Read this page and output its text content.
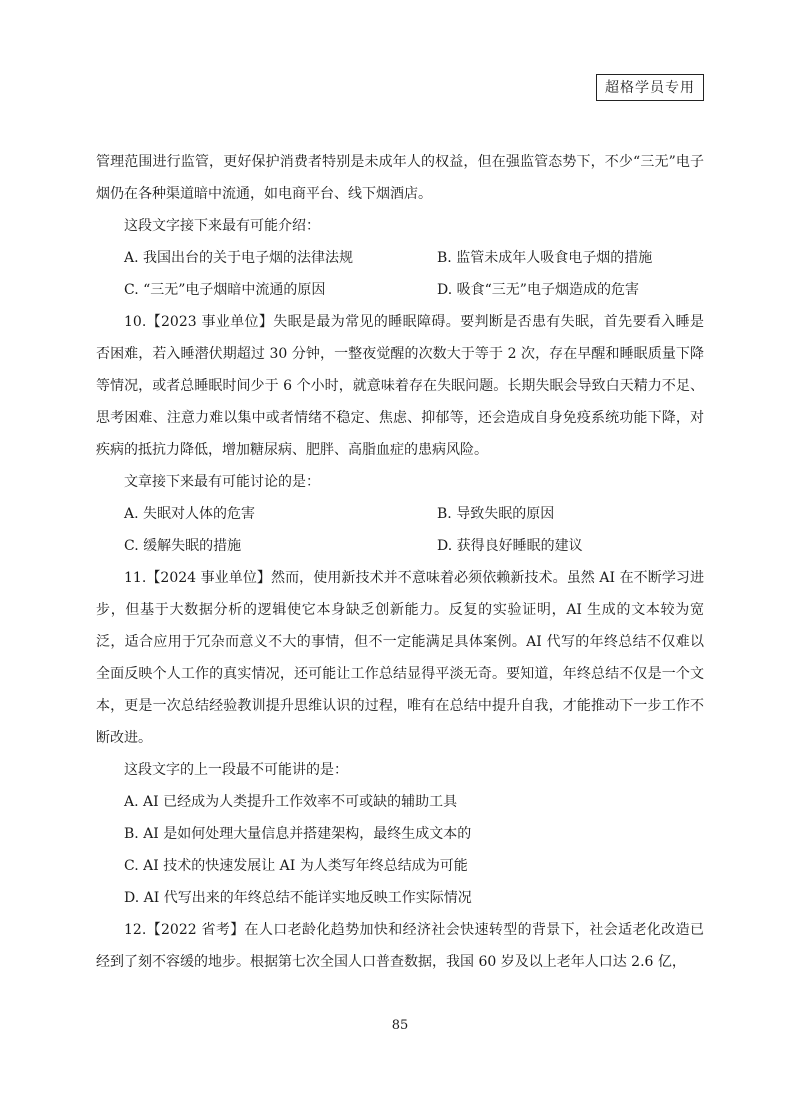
超格学员专用

管理范围进行监管，更好保护消费者特别是未成年人的权益，但在强监管态势下，不少“三无”电子烟仍在各种渠道暗中流通，如电商平台、线下烟酒店。

这段文字接下来最有可能介绍：

A. 我国出台的关于电子烟的法律法规	B. 监管未成年人吸食电子烟的措施
C. “三无”电子烟暗中流通的原因	D. 吸食“三无”电子烟造成的危害

10.【2023 事业单位】失眠是最为常见的睡眠障碍。要判断是否患有失眠，首先要看入睡是否困难，若入睡潜伏期超过 30 分钟，一整夜觉醒的次数大于等于 2 次，存在早醒和睡眠质量下降等情况，或者总睡眠时间少于 6 个小时，就意味着存在失眠问题。长期失眠会导致白天精力不足、思考困难、注意力难以集中或者情绪不稳定、焦虑、抑郁等，还会造成自身免疫系统功能下降，对疾病的抵抗力降低，增加糖尿病、肥胖、高脂血症的患病风险。

文章接下来最有可能讨论的是：

A. 失眠对人体的危害	B. 导致失眠的原因
C. 缓解失眠的措施	D. 获得良好睡眠的建议

11.【2024 事业单位】然而，使用新技术并不意味着必须依赖新技术。虽然 AI 在不断学习进步，但基于大数据分析的逻辑使它本身缺乏创新能力。反复的实验证明，AI 生成的文本较为宽泛，适合应用于冗杂而意义不大的事情，但不一定能满足具体案例。AI 代写的年终总结不仅难以全面反映个人工作的真实情况，还可能让工作总结显得平淡无奇。要知道，年终总结不仅是一个文本，更是一次总结经验教训提升思维认识的过程，唯有在总结中提升自我，才能推动下一步工作不断改进。

这段文字的上一段最不可能讲的是：

A. AI 已经成为人类提升工作效率不可或缺的辅助工具
B. AI 是如何处理大量信息并搭建架构，最终生成文本的
C. AI 技术的快速发展让 AI 为人类写年终总结成为可能
D. AI 代写出来的年终总结不能详实地反映工作实际情况

12.【2022 省考】在人口老龄化趋势加快和经济社会快速转型的背景下，社会适老化改造已经到了刻不容缓的地步。根据第七次全国人口普查数据，我国 60 岁及以上老年人口达 2.6 亿，

85
